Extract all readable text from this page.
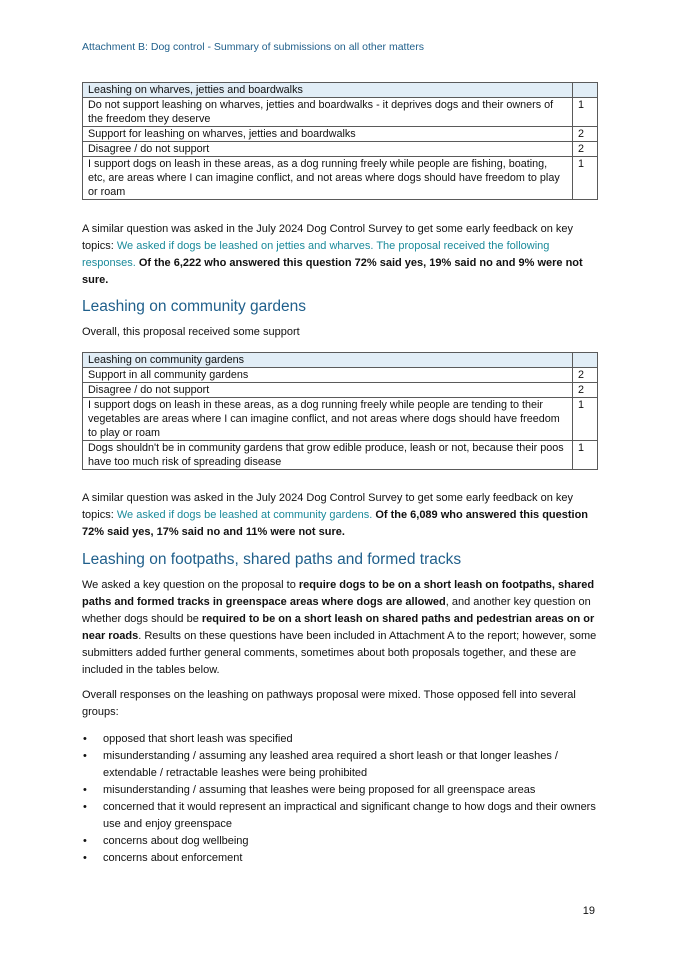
Attachment B: Dog control - Summary of submissions on all other matters
Leashing on wharves, jetties and boardwalks	
Do not support leashing on wharves, jetties and boardwalks - it deprives dogs and their owners of the freedom they deserve	1
Support for leashing on wharves, jetties and boardwalks	2
Disagree / do not support	2
I support dogs on leash in these areas, as a dog running freely while people are fishing, boating, etc, are areas where I can imagine conflict, and not areas where dogs should have freedom to play or roam	1
A similar question was asked in the July 2024 Dog Control Survey to get some early feedback on key topics: We asked if dogs be leashed on jetties and wharves. The proposal received the following responses. Of the 6,222 who answered this question 72% said yes, 19% said no and 9% were not sure.
Leashing on community gardens
Overall, this proposal received some support
Leashing on community gardens	
Support in all community gardens	2
Disagree / do not support	2
I support dogs on leash in these areas, as a dog running freely while people are tending to their vegetables are areas where I can imagine conflict, and not areas where dogs should have freedom to play or roam	1
Dogs shouldn't be in community gardens that grow edible produce, leash or not, because their poos have too much risk of spreading disease	1
A similar question was asked in the July 2024 Dog Control Survey to get some early feedback on key topics: We asked if dogs be leashed at community gardens. Of the 6,089 who answered this question 72% said yes, 17% said no and 11% were not sure.
Leashing on footpaths, shared paths and formed tracks
We asked a key question on the proposal to require dogs to be on a short leash on footpaths, shared paths and formed tracks in greenspace areas where dogs are allowed, and another key question on whether dogs should be required to be on a short leash on shared paths and pedestrian areas on or near roads. Results on these questions have been included in Attachment A to the report; however, some submitters added further general comments, sometimes about both proposals together, and these are included in the tables below.
Overall responses on the leashing on pathways proposal were mixed. Those opposed fell into several groups:
• opposed that short leash was specified
• misunderstanding / assuming any leashed area required a short leash or that longer leashes / extendable / retractable leashes were being prohibited
• misunderstanding / assuming that leashes were being proposed for all greenspace areas
• concerned that it would represent an impractical and significant change to how dogs and their owners use and enjoy greenspace
• concerns about dog wellbeing
• concerns about enforcement
19
